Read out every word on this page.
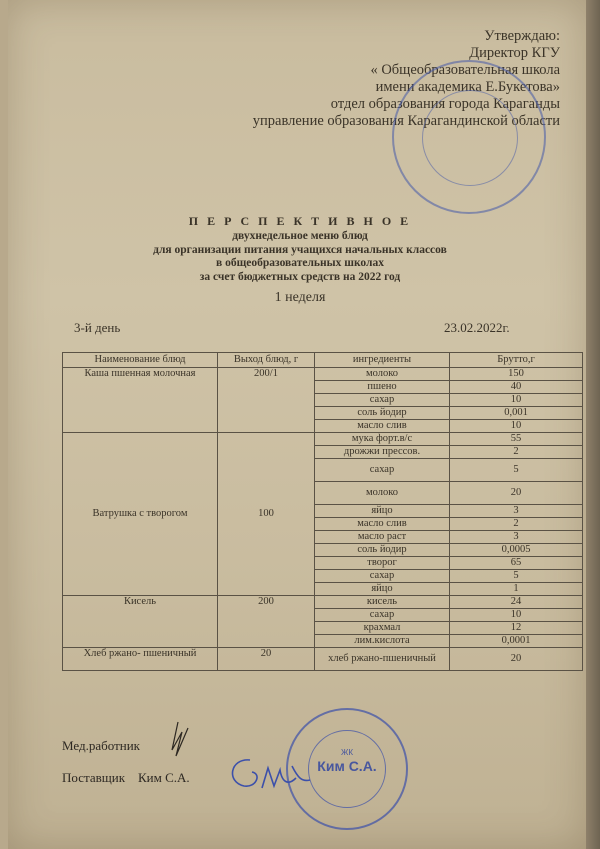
Утверждаю:
Директор КГУ
« Общеобразовательная школа
имени академика Е.Букетова»
отдел образования города Караганды
управление образования Карагандинской области
П Е Р С П Е К Т И В Н О Е
двухнедельное меню блюд
для организации питания учащихся начальных классов
в общеобразовательных школах
за счет бюджетных средств на 2022 год
1 неделя
3-й день	23.02.2022г.
Наименование блюд	Выход блюд, г	ингредиенты	Брутто,г
Каша пшенная молочная	200/1	молоко	150
		пшено	40
		сахар	10
		соль йодир	0,001
		масло слив	10
Ватрушка с творогом	100	мука форт.в/с	55
		дрожжи прессов.	2
		сахар	5
		молоко	20
		яйцо	3
		масло слив	2
		масло раст	3
		соль йодир	0,0005
		творог	65
		сахар	5
		яйцо	1
Кисель	200	кисель	24
		сахар	10
		крахмал	12
		лим.кислота	0,0001
Хлеб ржано- пшеничный	20	хлеб ржано-пшеничный	20
Мед.работник
Поставщик Ким С.А.
ЖК
Ким С.А.
